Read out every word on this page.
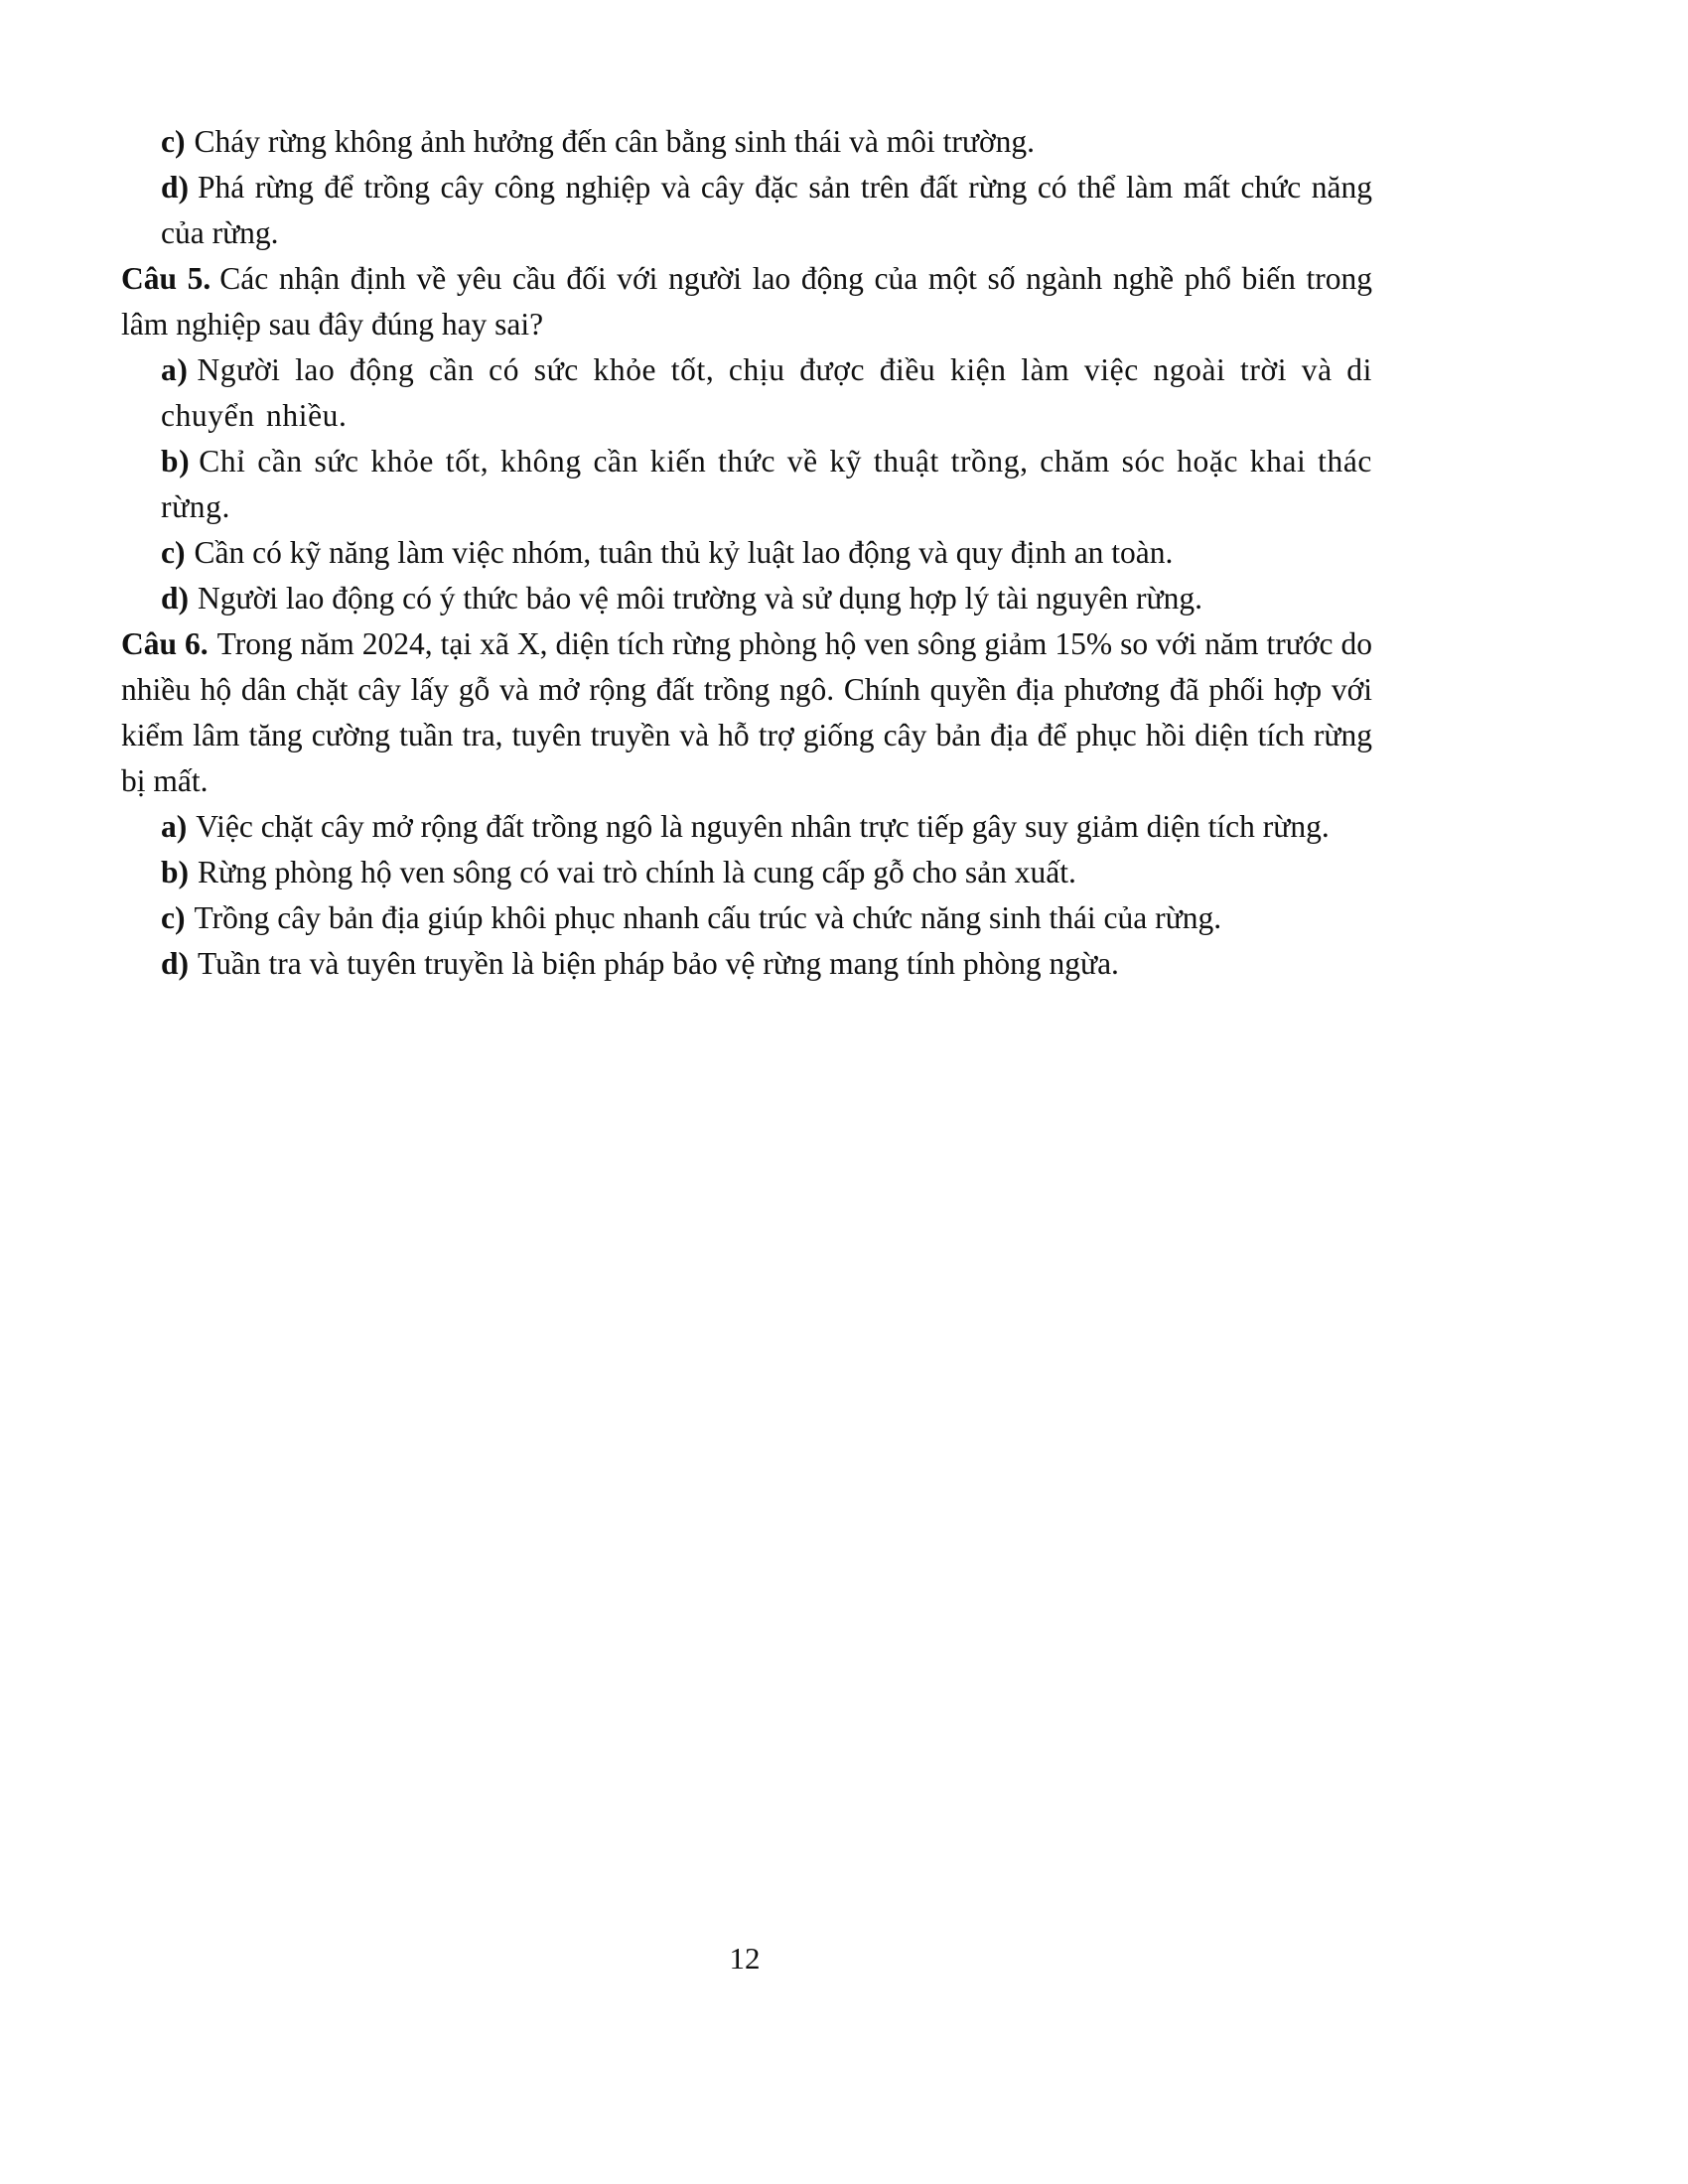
c) Cháy rừng không ảnh hưởng đến cân bằng sinh thái và môi trường.

d) Phá rừng để trồng cây công nghiệp và cây đặc sản trên đất rừng có thể làm mất chức năng của rừng.

Câu 5. Các nhận định về yêu cầu đối với người lao động của một số ngành nghề phổ biến trong lâm nghiệp sau đây đúng hay sai?

a) Người lao động cần có sức khỏe tốt, chịu được điều kiện làm việc ngoài trời và di chuyển nhiều.

b) Chỉ cần sức khỏe tốt, không cần kiến thức về kỹ thuật trồng, chăm sóc hoặc khai thác rừng.

c) Cần có kỹ năng làm việc nhóm, tuân thủ kỷ luật lao động và quy định an toàn.

d) Người lao động có ý thức bảo vệ môi trường và sử dụng hợp lý tài nguyên rừng.

Câu 6. Trong năm 2024, tại xã X, diện tích rừng phòng hộ ven sông giảm 15% so với năm trước do nhiều hộ dân chặt cây lấy gỗ và mở rộng đất trồng ngô. Chính quyền địa phương đã phối hợp với kiểm lâm tăng cường tuần tra, tuyên truyền và hỗ trợ giống cây bản địa để phục hồi diện tích rừng bị mất.

a) Việc chặt cây mở rộng đất trồng ngô là nguyên nhân trực tiếp gây suy giảm diện tích rừng.

b) Rừng phòng hộ ven sông có vai trò chính là cung cấp gỗ cho sản xuất.

c) Trồng cây bản địa giúp khôi phục nhanh cấu trúc và chức năng sinh thái của rừng.

d) Tuần tra và tuyên truyền là biện pháp bảo vệ rừng mang tính phòng ngừa.

12
